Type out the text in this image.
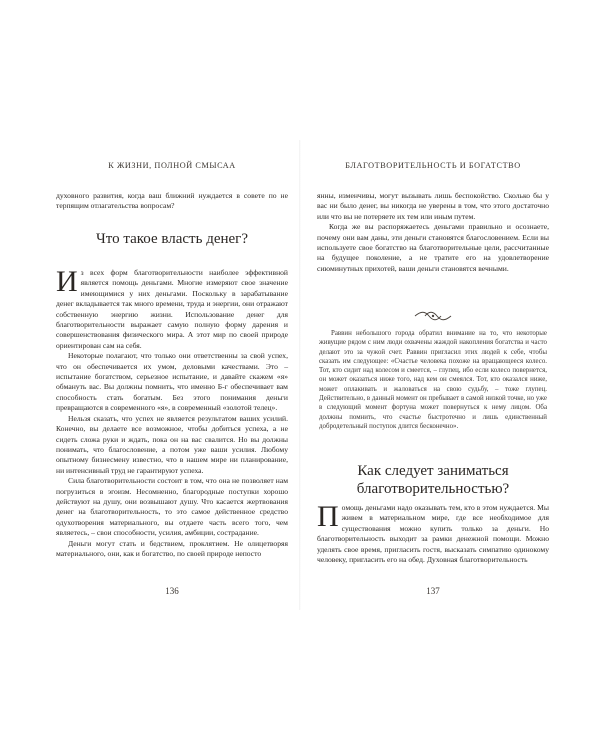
К ЖИЗНИ, ПОЛНОЙ СМЫСАА

духовного развития, когда ваш ближний нуждается в совете по не терпящим отлагательства вопросам?

Что такое власть денег?

Из всех форм благотворительности наиболее эффективной является помощь деньгами. Многие измеряют свое значение имеющимися у них деньгами. Поскольку в зарабатывание денег вкладывается так много времени, труда и энергии, они отражают собственную энергию жизни. Использование денег для благотворительности выражает самую полную форму дарения и совершенствования физического мира. А этот мир по своей природе ориентирован сам на себя.

Некоторые полагают, что только они ответственны за свой успех, что он обеспечивается их умом, деловыми качествами. Это – испытание богатством, серьезное испытание, и давайте скажем «я» обмануть вас. Вы должны помнить, что именно Б-г обеспечивает вам способность стать богатым. Без этого понимания деньги превращаются в современного «я», в современный «золотой телец».

Нельзя сказать, что успех не является результатом ваших усилий. Конечно, вы делаете все возможное, чтобы добиться успеха, а не сидеть сложа руки и ждать, пока он на вас свалится. Но вы должны понимать, что благословение, а потом уже ваши усилия. Любому опытному бизнесмену известно, что в нашем мире ни планирование, ни интенсивный труд не гарантируют успеха.

Сила благотворительности состоит в том, что она не позволяет нам погрузиться в эгоизм. Несомненно, благородные поступки хорошо действуют на душу, они возвышают душу. Что касается жертвования денег на благотворительность, то это самое действенное средство одухотворения материального, вы отдаете часть всего того, чем являетесь, – свои способности, усилия, амбиции, сострадание.

Деньги могут стать и бедствием, проклятием. Не олицетворяя материального, они, как и богатство, по своей природе непосто

136
БЛАГОТВОРИТЕЛЬНОСТЬ И БОГАТСТВО

янны, изменчивы, могут вызывать лишь беспокойство. Сколько бы у вас ни было денег, вы никогда не уверены в том, что этого достаточно или что вы не потеряете их тем или иным путем.

Когда же вы распоряжаетесь деньгами правильно и осознаете, почему они вам даны, эти деньги становятся благословением. Если вы используете свое богатство на благотворительные цели, рассчитанные на будущее поколение, а не тратите его на удовлетворение сиюминутных прихотей, ваши деньги становятся вечными.

Раввин небольшого города обратил внимание на то, что некоторые живущие рядом с ним люди охвачены жаждой накопления богатства и часто делают это за чужой счет. Раввин пригласил этих людей к себе, чтобы сказать им следующее: «Счастье человека похоже на вращающееся колесо. Тот, кто сидит над колесом и смеется, – глупец, ибо если колесо повернется, он может оказаться ниже того, над кем он смеялся. Тот, кто оказался ниже, может оплакивать и жаловаться на свою судьбу, – тоже глупец. Действительно, в данный момент он пребывает в самой низкой точке, но уже в следующий момент фортуна может повернуться к нему лицом. Оба должны помнить, что счастье быстротечно и лишь единственный добродетельный поступок длится бесконечно».

Как следует заниматься
благотворительностью?

Помощь деньгами надо оказывать тем, кто в этом нуждается. Мы живем в материальном мире, где все необходимое для существования можно купить только за деньги. Но благотворительность выходит за рамки денежной помощи. Можно уделять свое время, пригласить гостя, высказать симпатию одинокому человеку, пригласить его на обед. Духовная благотворительность

137
